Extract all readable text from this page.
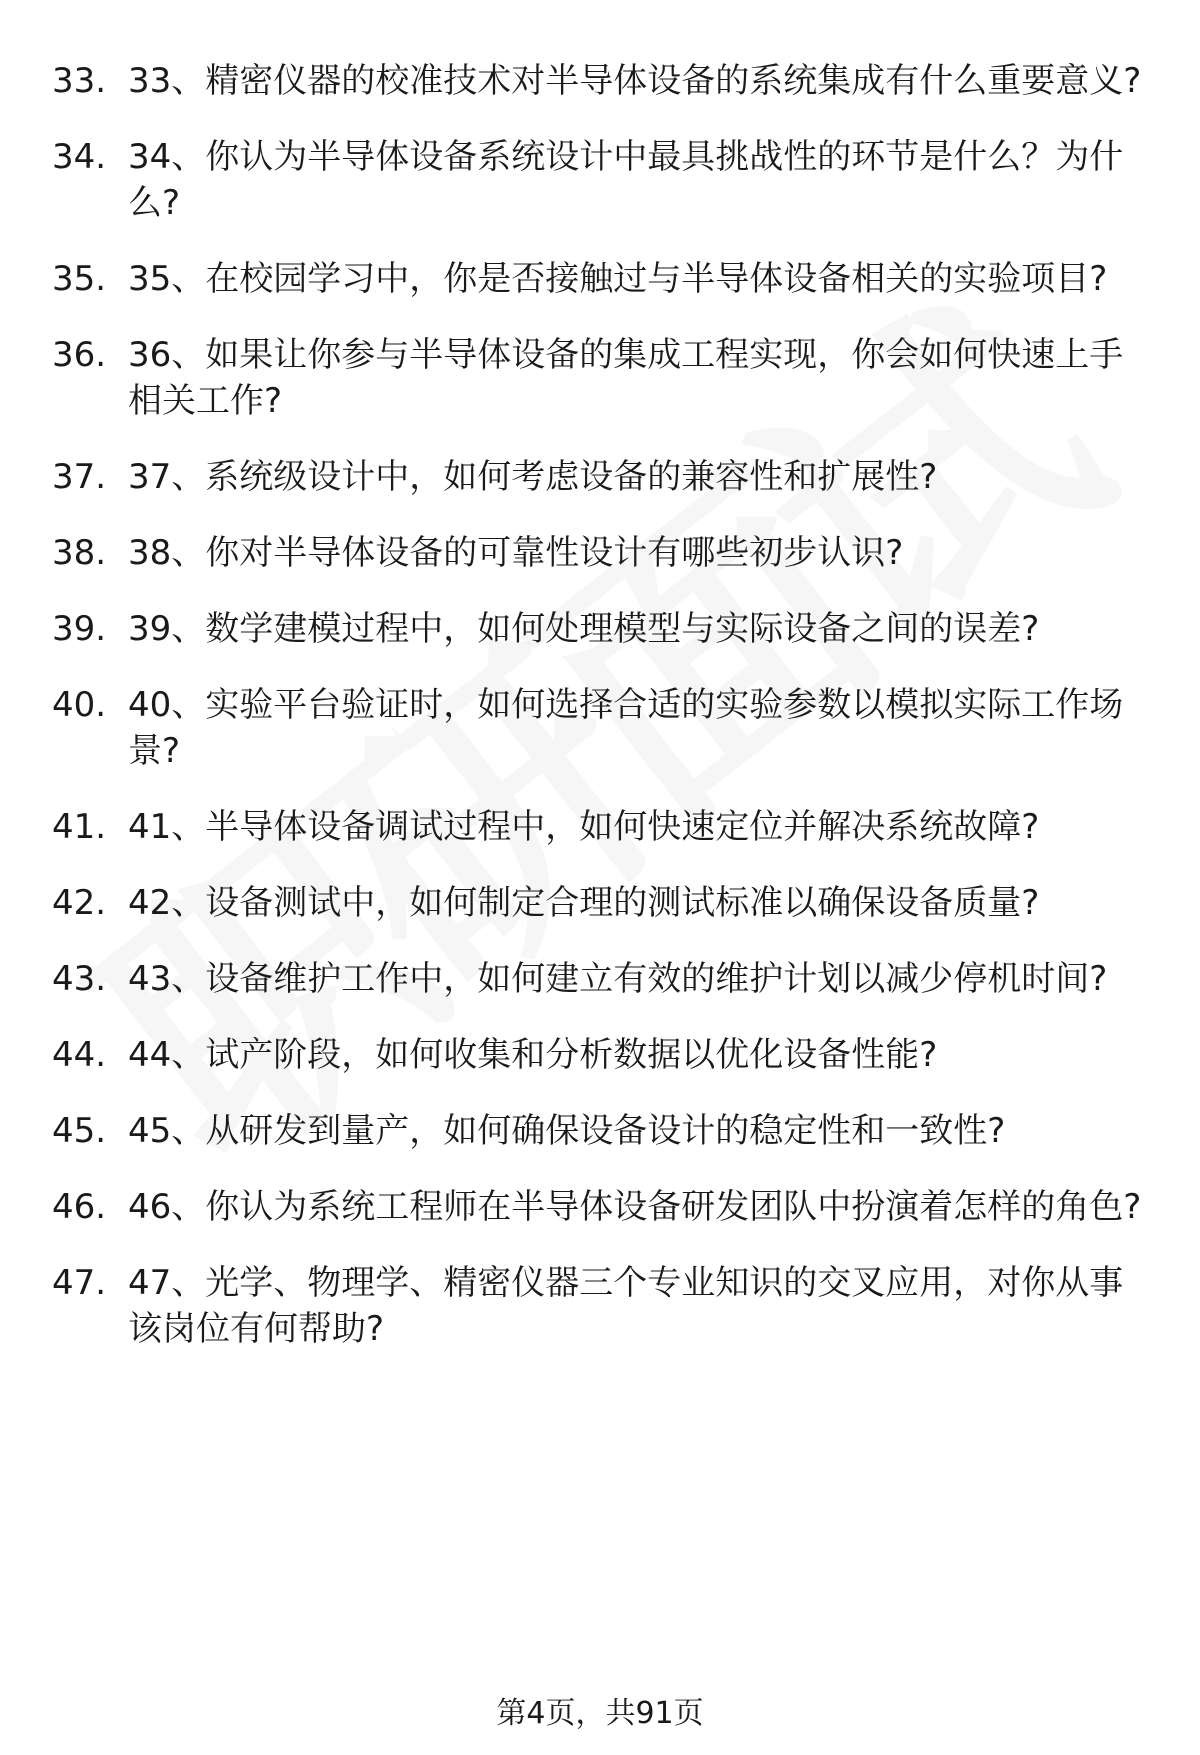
33. 33、精密仪器的校准技术对半导体设备的系统集成有什么重要意义?
34. 34、你认为半导体设备系统设计中最具挑战性的环节是什么？为什么?
35. 35、在校园学习中，你是否接触过与半导体设备相关的实验项目?
36. 36、如果让你参与半导体设备的集成工程实现，你会如何快速上手相关工作?
37. 37、系统级设计中，如何考虑设备的兼容性和扩展性?
38. 38、你对半导体设备的可靠性设计有哪些初步认识?
39. 39、数学建模过程中，如何处理模型与实际设备之间的误差?
40. 40、实验平台验证时，如何选择合适的实验参数以模拟实际工作场景?
41. 41、半导体设备调试过程中，如何快速定位并解决系统故障?
42. 42、设备测试中，如何制定合理的测试标准以确保设备质量?
43. 43、设备维护工作中，如何建立有效的维护计划以减少停机时间?
44. 44、试产阶段，如何收集和分析数据以优化设备性能?
45. 45、从研发到量产，如何确保设备设计的稳定性和一致性?
46. 46、你认为系统工程师在半导体设备研发团队中扮演着怎样的角色?
47. 47、光学、物理学、精密仪器三个专业知识的交叉应用，对你从事该岗位有何帮助?
第4页，共91页
